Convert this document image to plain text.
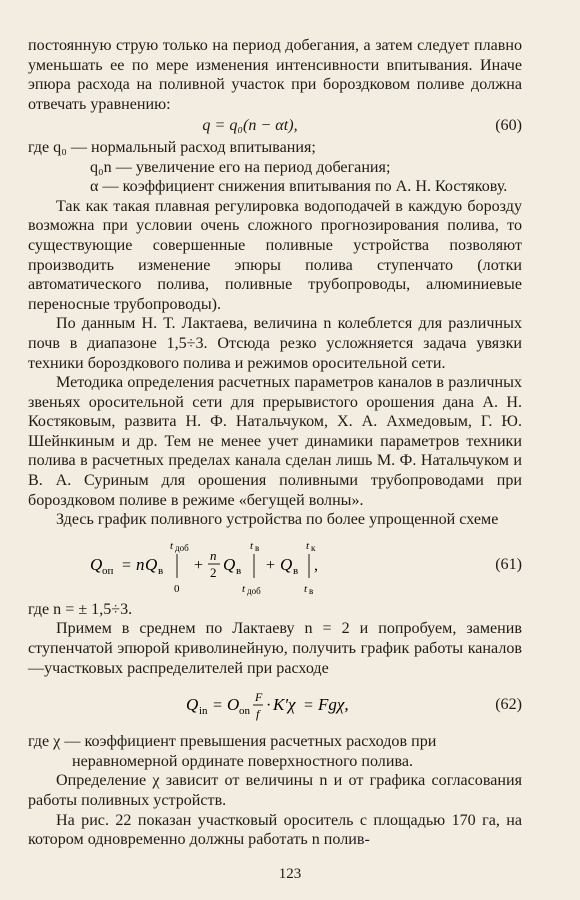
постоянную струю только на период добегания, а затем следует плавно уменьшать ее по мере изменения интенсивности впитывания. Иначе эпюра расхода на поливной участок при бороздковом поливе должна отвечать уравнению:

q = q₀(n − αt),	(60)

где q₀ — нормальный расход впитывания;

q₀n — увеличение его на период добегания;

α — коэффициент снижения впитывания по А. Н. Костякову.

Так как такая плавная регулировка водоподачей в каждую борозду возможна при условии очень сложного прогнозирования полива, то существующие совершенные поливные устройства позволяют производить изменение эпюры полива ступенчато (лотки автоматического полива, поливные трубопроводы, алюминиевые переносные трубопроводы).

По данным Н. Т. Лактаева, величина n колеблется для различных почв в диапазоне 1,5÷3. Отсюда резко усложняется задача увязки техники бороздкового полива и режимов оросительной сети.

Методика определения расчетных параметров каналов в различных звеньях оросительной сети для прерывистого орошения дана А. Н. Костяковым, развита Н. Ф. Натальчуком, Х. А. Ахмедовым, Г. Ю. Шейнкиным и др. Тем не менее учет динамики параметров техники полива в расчетных пределах канала сделан лишь М. Ф. Натальчуком и В. А. Суриным для орошения поливными трубопроводами при бороздковом поливе в режиме «бегущей волны».

Здесь график поливного устройства по более упрощенной схеме

Q оп = n Q в
t доб
0
+
n
2 Q в
t в
t доб
+ Q в
t к
t в
,	(61)

где n = ± 1,5÷3.

Примем в среднем по Лактаеву n = 2 и попробуем, заменив ступенчатой эпюрой криволинейную, получить график работы каналов—участковых распределителей при расходе

Q in = O on
F
f · K′χ = Fgχ,	(62)

где χ — коэффициент превышения расчетных расходов при неравномерной ординате поверхностного полива.

Определение χ зависит от величины n и от графика согласования работы поливных устройств.

На рис. 22 показан участковый ороситель с площадью 170 га, на котором одновременно должны работать n полив-

123
